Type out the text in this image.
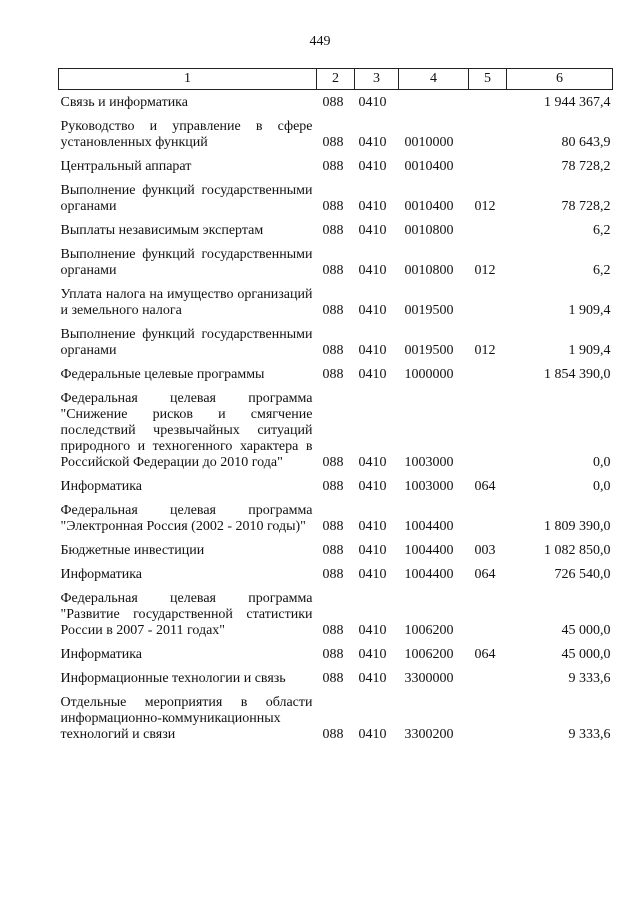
449
1	2	3	4	5	6
Связь и информатика	088	0410			1 944 367,4
Руководство и управление в сфере установленных функций	088	0410	0010000		80 643,9
Центральный аппарат	088	0410	0010400		78 728,2
Выполнение функций государственными органами	088	0410	0010400	012	78 728,2
Выплаты независимым экспертам	088	0410	0010800		6,2
Выполнение функций государственными органами	088	0410	0010800	012	6,2
Уплата налога на имущество организаций и земельного налога	088	0410	0019500		1 909,4
Выполнение функций государственными органами	088	0410	0019500	012	1 909,4
Федеральные целевые программы	088	0410	1000000		1 854 390,0
Федеральная целевая программа "Снижение рисков и смягчение последствий чрезвычайных ситуаций природного и техногенного характера в Российской Федерации до 2010 года"	088	0410	1003000		0,0
Информатика	088	0410	1003000	064	0,0
Федеральная целевая программа "Электронная Россия (2002 - 2010 годы)"	088	0410	1004400		1 809 390,0
Бюджетные инвестиции	088	0410	1004400	003	1 082 850,0
Информатика	088	0410	1004400	064	726 540,0
Федеральная целевая программа "Развитие государственной статистики России в 2007 - 2011 годах"	088	0410	1006200		45 000,0
Информатика	088	0410	1006200	064	45 000,0
Информационные технологии и связь	088	0410	3300000		9 333,6
Отдельные мероприятия в области информационно-коммуникационных технологий и связи	088	0410	3300200		9 333,6
